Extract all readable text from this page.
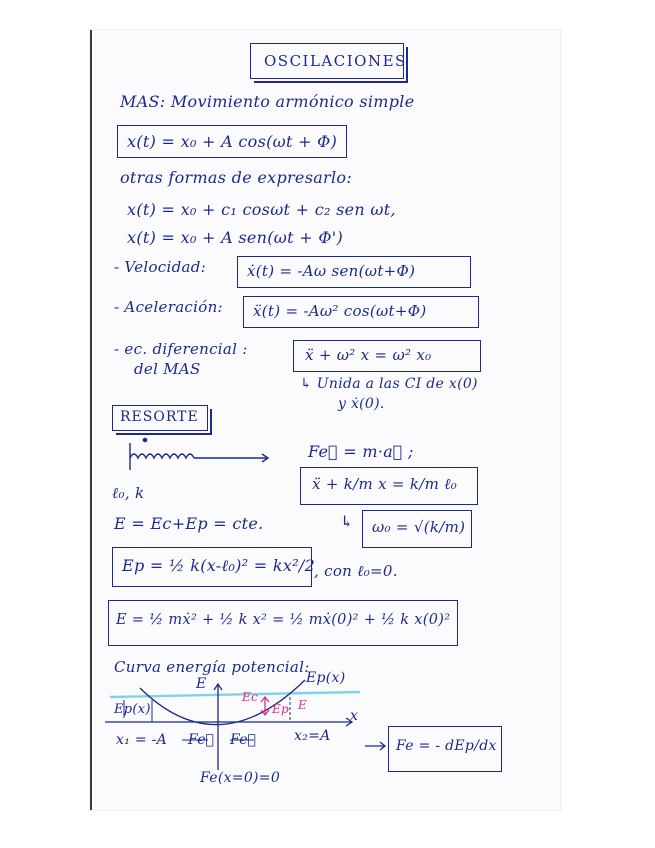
OSCILACIONES
MAS: Movimiento armónico simple
x(t) = x₀ + A cos(ωt + Φ)
otras formas de expresarlo:
x(t) = x₀ + c₁ cosωt + c₂ sen ωt,
x(t) = x₀ + A sen(ωt + Φ')
- Velocidad:	ẋ(t) = -Aω sen(ωt+Φ)
- Aceleración: ẍ(t) = -Aω² cos(ωt+Φ)
- ec. diferencial :
del MAS
ẍ + ω² x = ω² x₀
↳ Unida a las CI de x(0)
y ẋ(0).
RESORTE
ℓ₀, k
Fe⃗ = m·a⃗ ;
ẍ + k/m x = k/m ℓ₀
E = Ec+Ep = cte.	↳ ω₀ = √(k/m)
Ep = ½ k(x-ℓ₀)² = kx²/2
, con ℓ₀=0.
E = ½ mẋ² + ½ k x² = ½ mẋ(0)² + ½ k x(0)²
Curva energía potencial:
E
x
Ep(x)
Ec
Ep E
Ep(x)
x₁ = -A Fe⃗ Fe⃗	x₂=A
Fe(x=0)=0
Fe = - dEp/dx
